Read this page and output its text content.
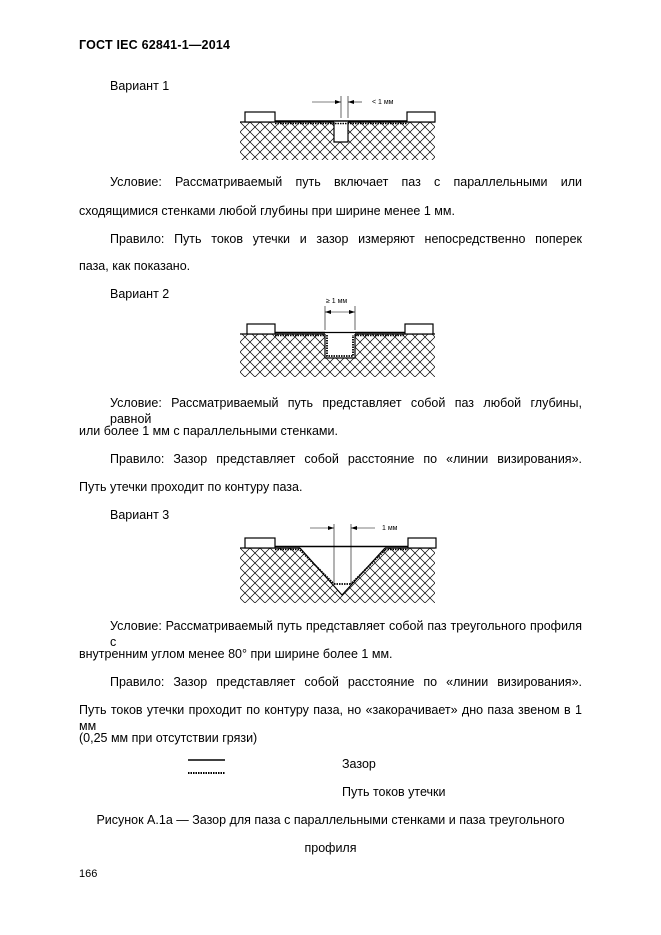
ГОСТ IEC 62841-1—2014
Вариант 1
< 1 мм
Условие: Рассматриваемый путь включает паз с параллельными или
сходящимися стенками любой глубины при ширине менее 1 мм.
Правило: Путь токов утечки и зазор измеряют непосредственно поперек
паза, как показано.
Вариант 2
≥ 1 мм
Условие: Рассматриваемый путь представляет собой паз любой глубины, равной
или более 1 мм с параллельными стенками.
Правило: Зазор представляет собой расстояние по «линии визирования».
Путь утечки проходит по контуру паза.
Вариант 3
1 мм
Условие: Рассматриваемый путь представляет собой паз треугольного профиля с
внутренним углом менее 80° при ширине более 1 мм.
Правило: Зазор представляет собой расстояние по «линии визирования».
Путь токов утечки проходит по контуру паза, но «закорачивает» дно паза звеном в 1 мм
(0,25 мм при отсутствии грязи)
Зазор
Путь токов утечки
Рисунок А.1а — Зазор для паза с параллельными стенками и паза треугольного
профиля
166
